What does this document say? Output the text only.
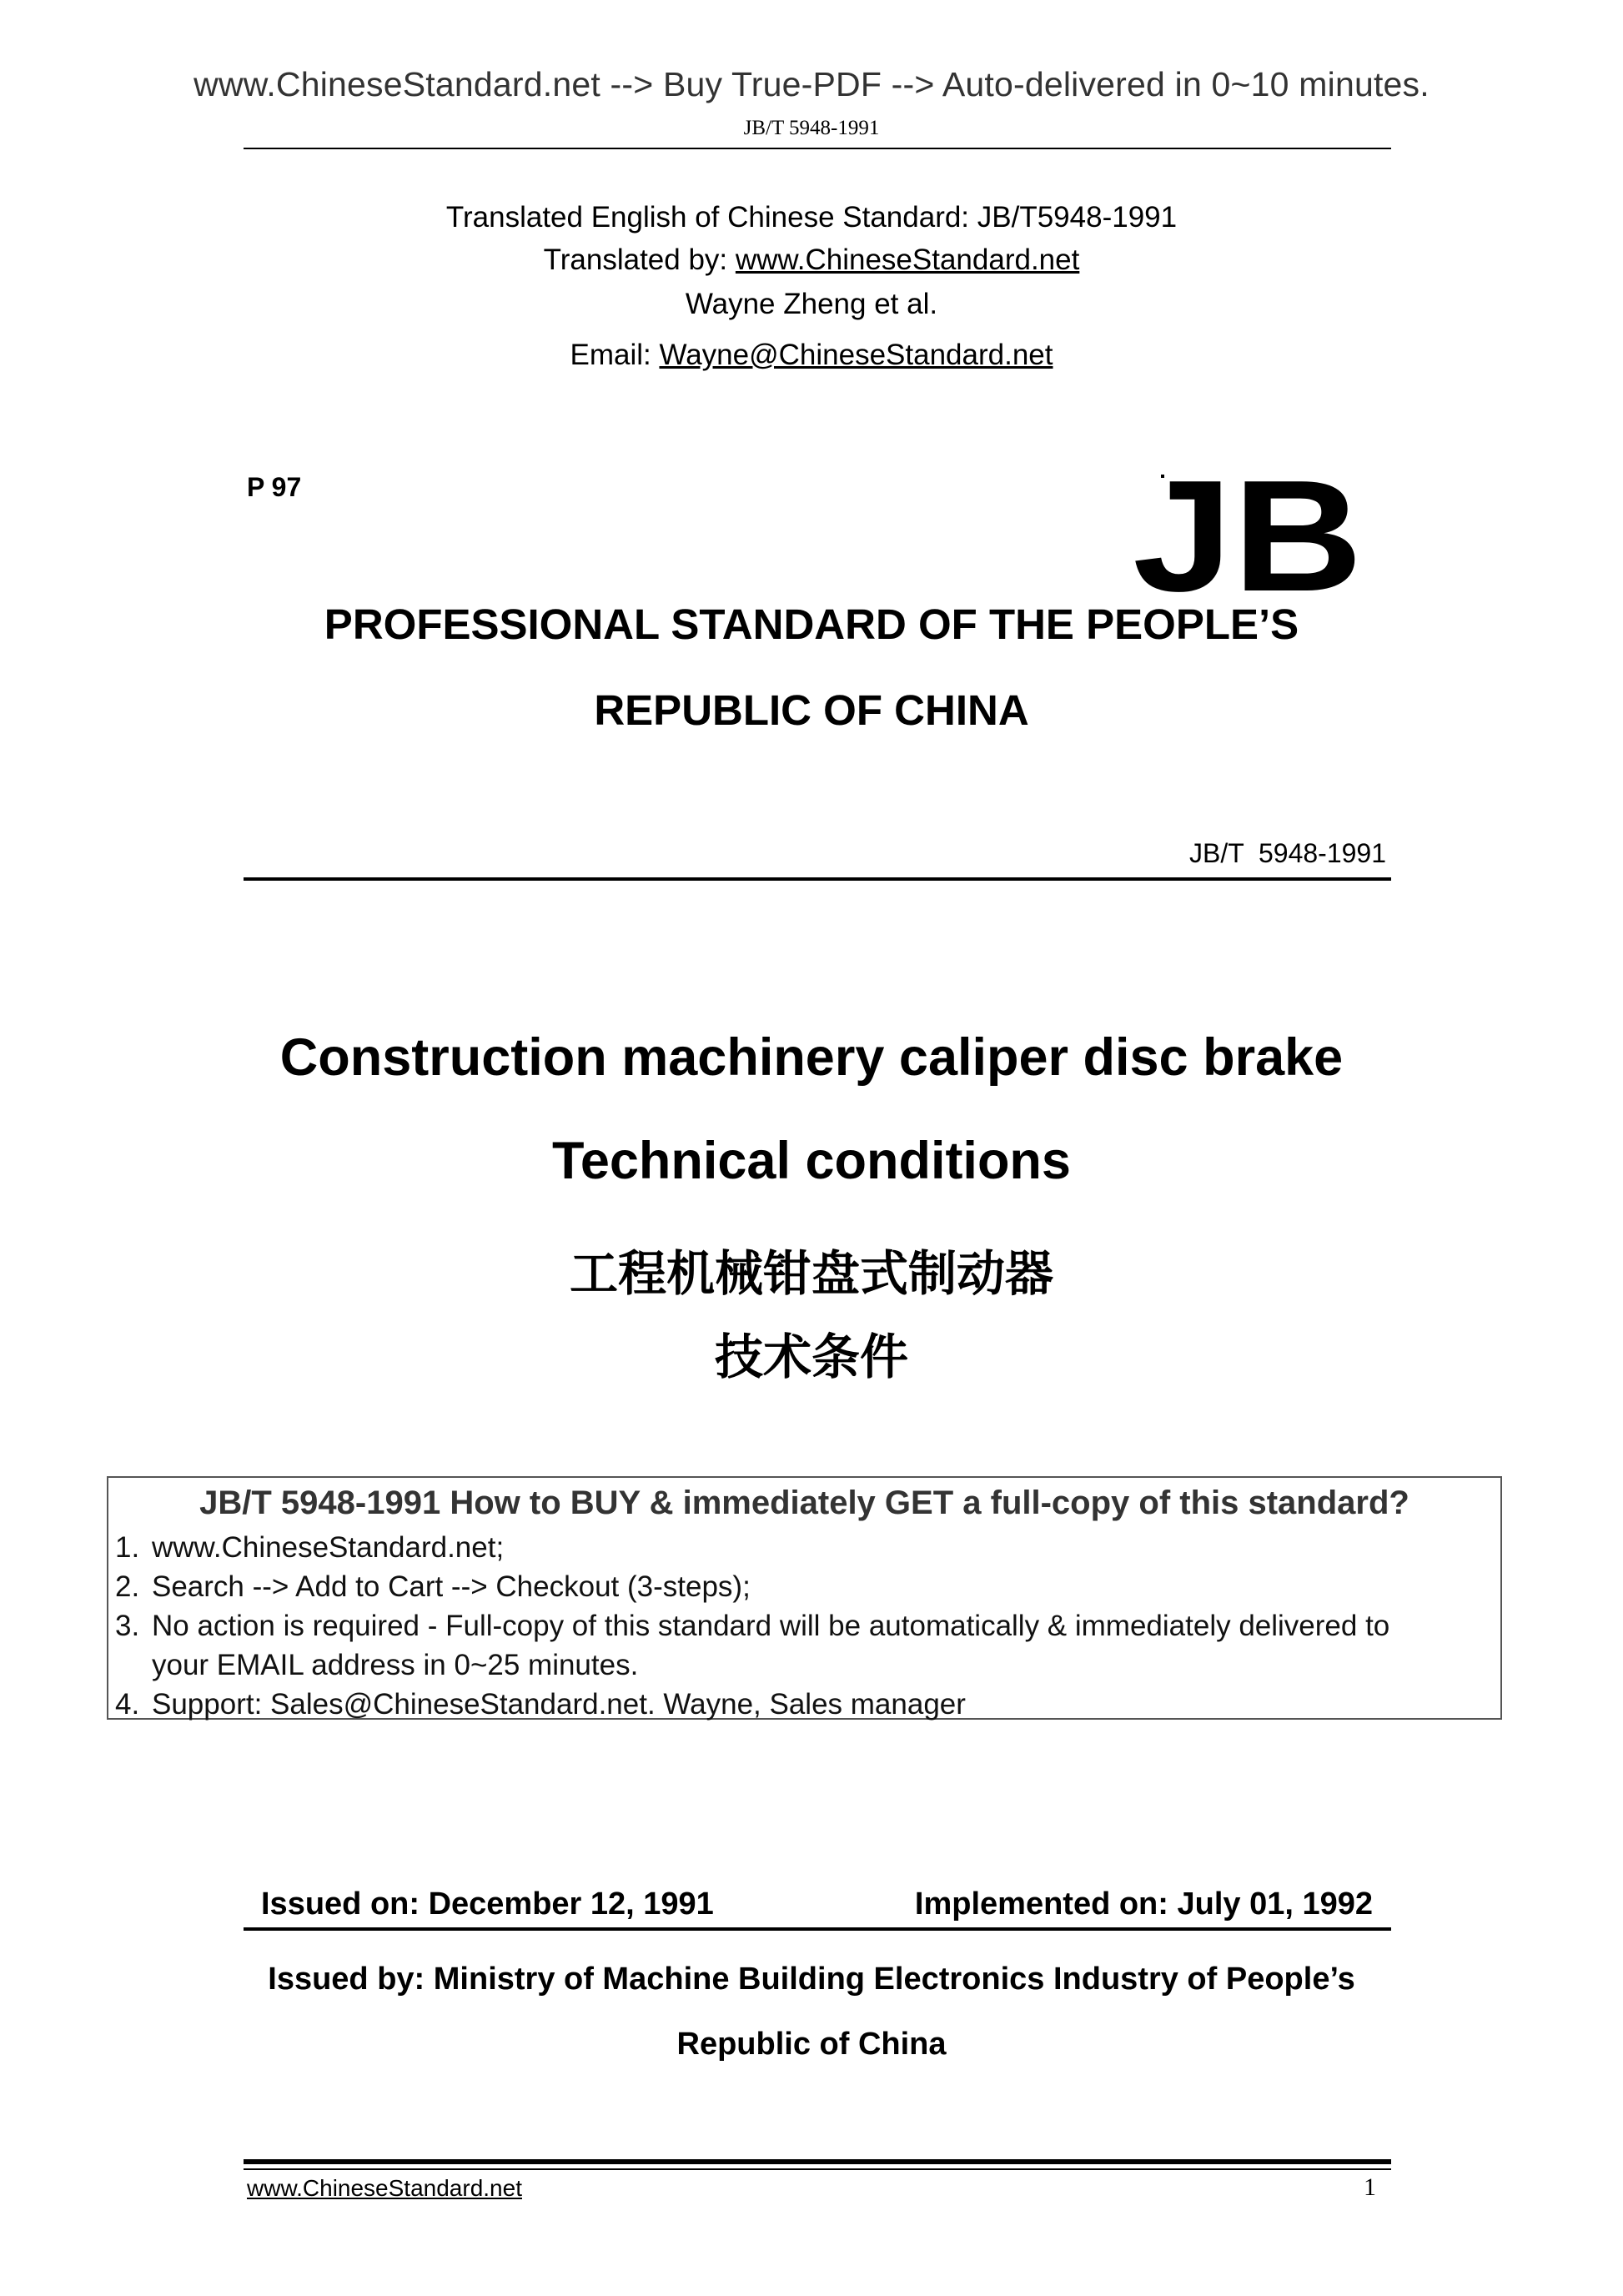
www.ChineseStandard.net --> Buy True-PDF --> Auto-delivered in 0~10 minutes.
JB/T 5948-1991
Translated English of Chinese Standard: JB/T5948-1991
Translated by: www.ChineseStandard.net
Wayne Zheng et al.
Email: Wayne@ChineseStandard.net
P 97	JB
PROFESSIONAL STANDARD OF THE PEOPLE’S
REPUBLIC OF CHINA
JB/T  5948-1991
Construction machinery caliper disc brake
Technical conditions
工程机械钳盘式制动器
技术条件
JB/T 5948-1991 How to BUY & immediately GET a full-copy of this standard?
1. www.ChineseStandard.net;
2. Search --> Add to Cart --> Checkout (3-steps);
3. No action is required - Full-copy of this standard will be automatically & immediately delivered to
your EMAIL address in 0~25 minutes.
4. Support: Sales@ChineseStandard.net. Wayne, Sales manager
Issued on: December 12, 1991	Implemented on: July 01, 1992
Issued by: Ministry of Machine Building Electronics Industry of People’s
Republic of China
www.ChineseStandard.net	1
